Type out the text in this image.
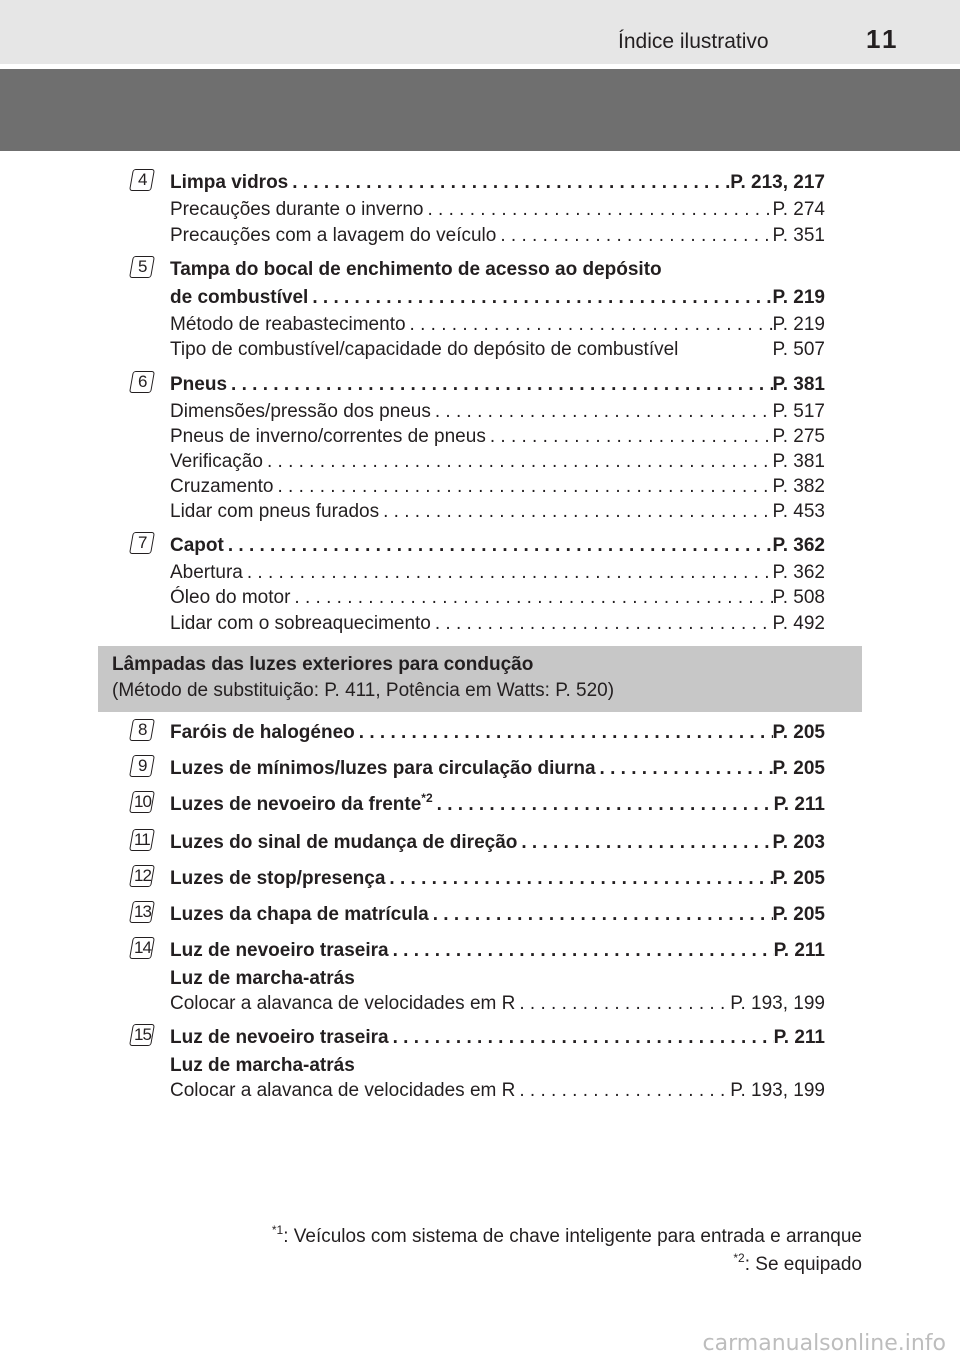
Índice ilustrativo	11
4 Limpa vidros . . .	P. 213, 217
Precauções durante o inverno . . .	P. 274
Precauções com a lavagem do veículo . . .	P. 351
5 Tampa do bocal de enchimento de acesso ao depósito
de combustível . . .	P. 219
Método de reabastecimento . . .	P. 219
Tipo de combustível/capacidade do depósito de combustível	P. 507
6 Pneus . . .	P. 381
Dimensões/pressão dos pneus . . .	P. 517
Pneus de inverno/correntes de pneus . . .	P. 275
Verificação . . .	P. 381
Cruzamento . . .	P. 382
Lidar com pneus furados . . .	P. 453
7 Capot . . .	P. 362
Abertura . . .	P. 362
Óleo do motor . . .	P. 508
Lidar com o sobreaquecimento . . .	P. 492
Lâmpadas das luzes exteriores para condução
(Método de substituição: P. 411, Potência em Watts: P. 520)
8 Faróis de halogéneo . . .	P. 205
9 Luzes de mínimos/luzes para circulação diurna . . .	P. 205
10 Luzes de nevoeiro da frente$^{*2}$ . . .	P. 211
11 Luzes do sinal de mudança de direção . . .	P. 203
12 Luzes de stop/presença . . .	P. 205
13 Luzes da chapa de matrícula . . .	P. 205
14 Luz de nevoeiro traseira . . .	P. 211
Luz de marcha-atrás
Colocar a alavanca de velocidades em R . . .	P. 193, 199
15 Luz de nevoeiro traseira . . .	P. 211
Luz de marcha-atrás
Colocar a alavanca de velocidades em R . . .	P. 193, 199
$^{*1}$: Veículos com sistema de chave inteligente para entrada e arranque
$^{*2}$: Se equipado
carmanualsonline.info
